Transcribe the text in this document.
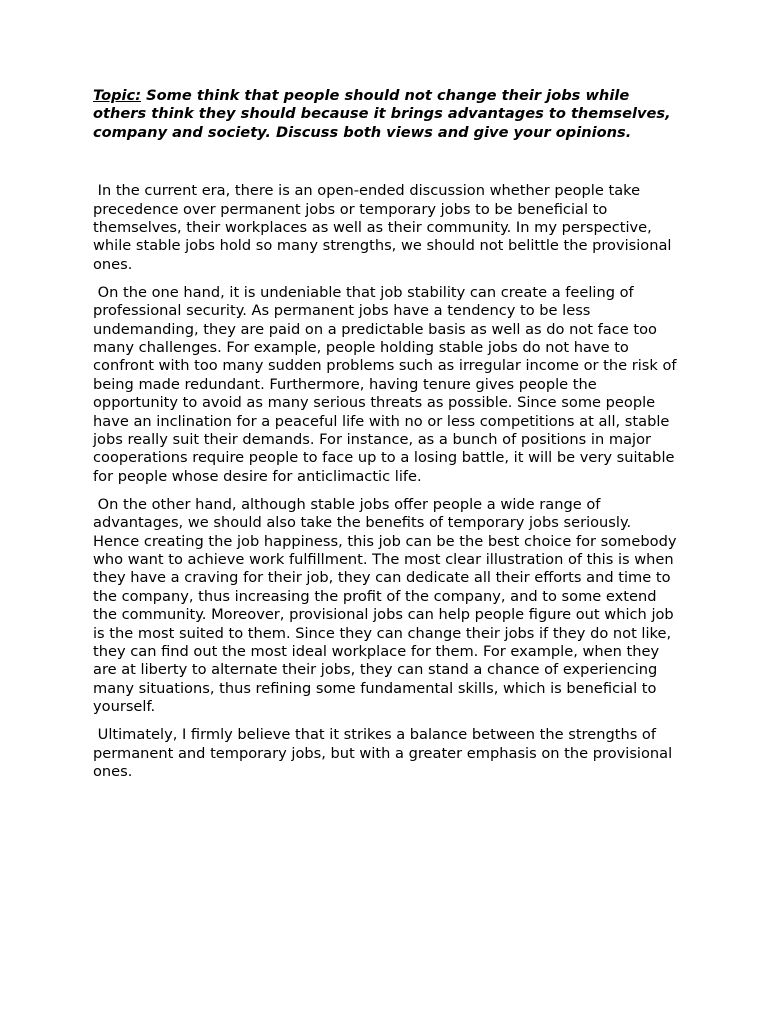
Topic: Some think that people should not change their jobs while others think they should because it brings advantages to themselves, company and society. Discuss both views and give your opinions.

In the current era, there is an open-ended discussion whether people take precedence over permanent jobs or temporary jobs to be beneficial to themselves, their workplaces as well as their community. In my perspective, while stable jobs hold so many strengths, we should not belittle the provisional ones.

On the one hand, it is undeniable that job stability can create a feeling of professional security. As permanent jobs have a tendency to be less undemanding, they are paid on a predictable basis as well as do not face too many challenges. For example, people holding stable jobs do not have to confront with too many sudden problems such as irregular income or the risk of being made redundant. Furthermore, having tenure gives people the opportunity to avoid as many serious threats as possible. Since some people have an inclination for a peaceful life with no or less competitions at all, stable jobs really suit their demands. For instance, as a bunch of positions in major cooperations require people to face up to a losing battle, it will be very suitable for people whose desire for anticlimactic life.

On the other hand, although stable jobs offer people a wide range of advantages, we should also take the benefits of temporary jobs seriously. Hence creating the job happiness, this job can be the best choice for somebody who want to achieve work fulfillment. The most clear illustration of this is when they have a craving for their job, they can dedicate all their efforts and time to the company, thus increasing the profit of the company, and to some extend the community. Moreover, provisional jobs can help people figure out which job is the most suited to them. Since they can change their jobs if they do not like, they can find out the most ideal workplace for them. For example, when they are at liberty to alternate their jobs, they can stand a chance of experiencing many situations, thus refining some fundamental skills, which is beneficial to yourself.

Ultimately, I firmly believe that it strikes a balance between the strengths of permanent and temporary jobs, but with a greater emphasis on the provisional ones.
